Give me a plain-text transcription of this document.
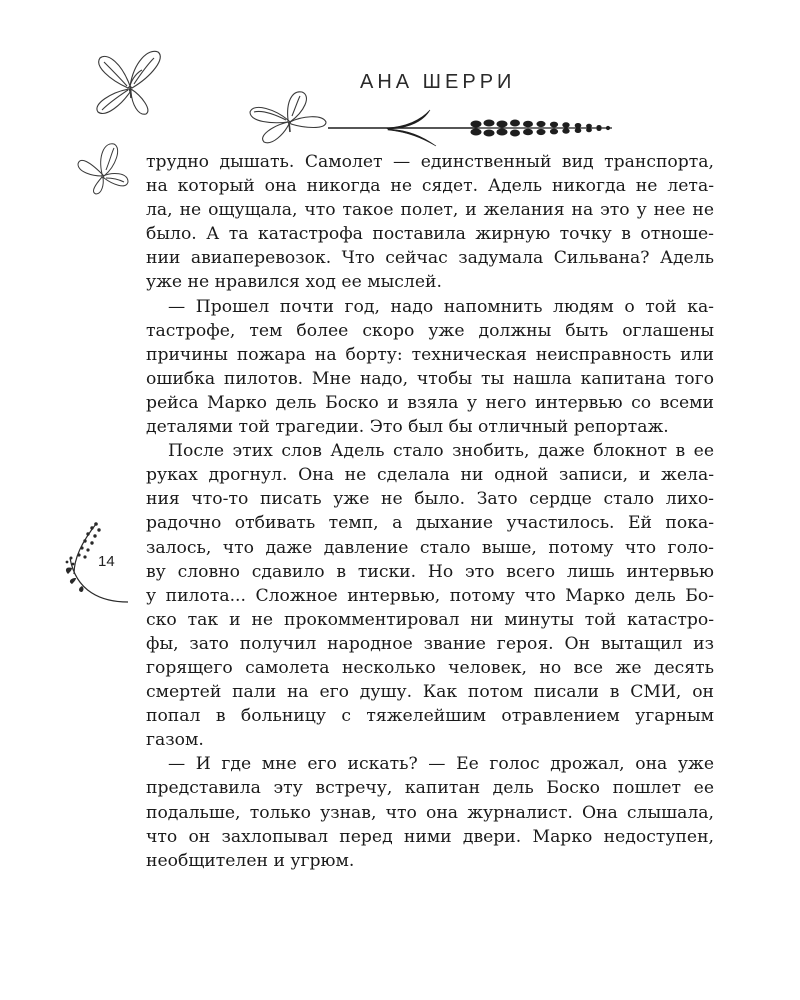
АНА ШЕРРИ
трудно дышать. Самолет — единственный вид транспорта,
на который она никогда не сядет. Адель никогда не лета-
ла, не ощущала, что такое полет, и желания на это у нее не
было. А та катастрофа поставила жирную точку в отноше-
нии авиаперевозок. Что сейчас задумала Сильвана? Адель
уже не нравился ход ее мыслей.
— Прошел почти год, надо напомнить людям о той ка-
тастрофе, тем более скоро уже должны быть оглашены
причины пожара на борту: техническая неисправность или
ошибка пилотов. Мне надо, чтобы ты нашла капитана того
рейса Марко дель Боско и взяла у него интервью со всеми
деталями той трагедии. Это был бы отличный репортаж.
После этих слов Адель стало знобить, даже блокнот в ее
руках дрогнул. Она не сделала ни одной записи, и жела-
ния что-то писать уже не было. Зато сердце стало лихо-
радочно отбивать темп, а дыхание участилось. Ей пока-
залось, что даже давление стало выше, потому что голо-
ву словно сдавило в тиски. Но это всего лишь интервью
у пилота... Сложное интервью, потому что Марко дель Бо-
ско так и не прокомментировал ни минуты той катастро-
фы, зато получил народное звание героя. Он вытащил из
горящего самолета несколько человек, но все же десять
смертей пали на его душу. Как потом писали в СМИ, он
попал в больницу с тяжелейшим отравлением угарным
газом.
— И где мне его искать? — Ее голос дрожал, она уже
представила эту встречу, капитан дель Боско пошлет ее
подальше, только узнав, что она журналист. Она слышала,
что он захлопывал перед ними двери. Марко недоступен,
необщителен и угрюм.
14
